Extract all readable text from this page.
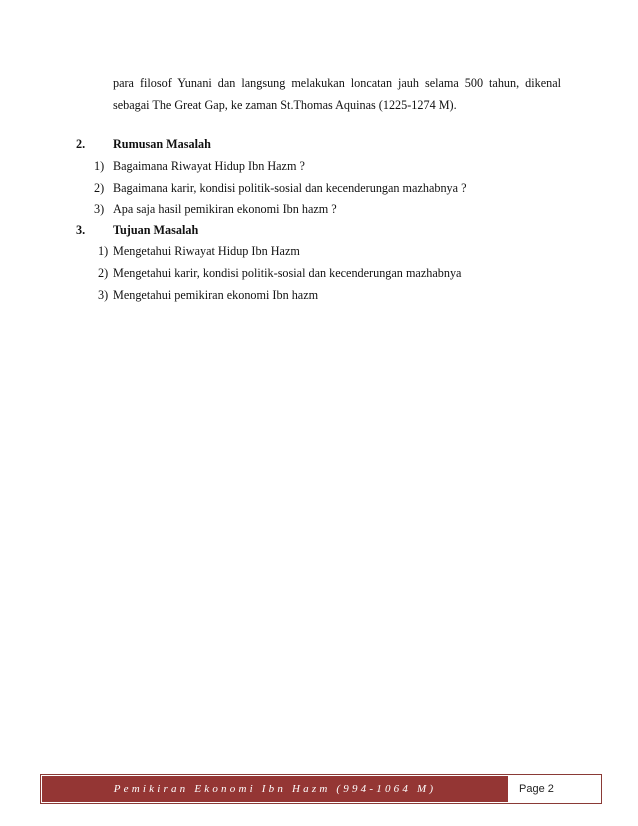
para filosof Yunani dan langsung melakukan loncatan jauh selama 500 tahun, dikenal
sebagai The Great Gap, ke zaman St.Thomas Aquinas (1225-1274 M).
2. Rumusan Masalah
1) Bagaimana Riwayat Hidup Ibn Hazm ?
2) Bagaimana karir, kondisi politik-sosial dan kecenderungan mazhabnya ?
3) Apa saja hasil pemikiran ekonomi Ibn hazm ?
3. Tujuan Masalah
1) Mengetahui Riwayat Hidup Ibn Hazm
2) Mengetahui karir, kondisi politik-sosial dan kecenderungan mazhabnya
3) Mengetahui pemikiran ekonomi Ibn hazm
Pemikiran Ekonomi Ibn Hazm (994-1064 M)	Page 2
